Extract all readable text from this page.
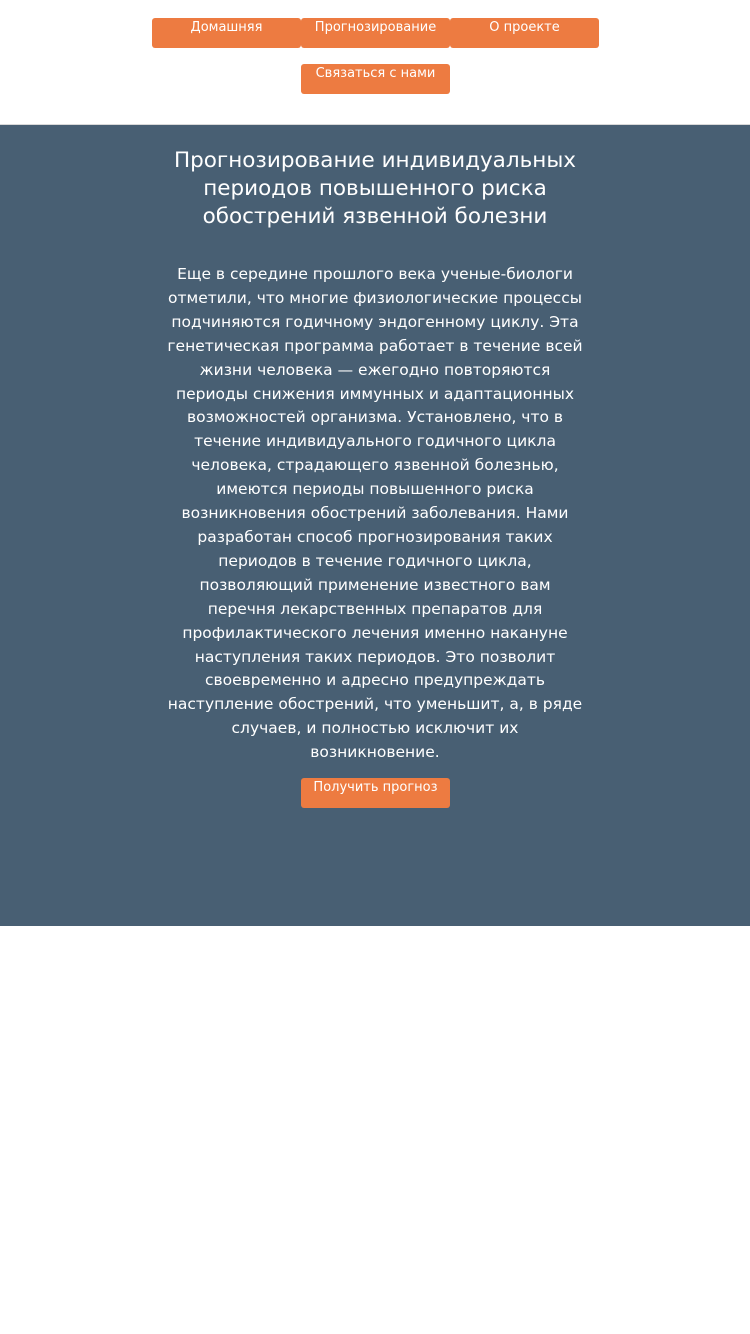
Домашняя	Прогнозирование	О проекте
Связаться с нами
Прогнозирование индивидуальных периодов повышенного риска обострений язвенной болезни

Еще в середине прошлого века ученые-биологи отметили, что многие физиологические процессы подчиняются годичному эндогенному циклу. Эта генетическая программа работает в течение всей жизни человека — ежегодно повторяются периоды снижения иммунных и адаптационных возможностей организма. Установлено, что в течение индивидуального годичного цикла человека, страдающего язвенной болезнью, имеются периоды повышенного риска возникновения обострений заболевания. Нами разработан способ прогнозирования таких периодов в течение годичного цикла, позволяющий применение известного вам перечня лекарственных препаратов для профилактического лечения именно накануне наступления таких периодов. Это позволит своевременно и адресно предупреждать наступление обострений, что уменьшит, а, в ряде случаев, и полностью исключит их возникновение.

Получить прогноз
